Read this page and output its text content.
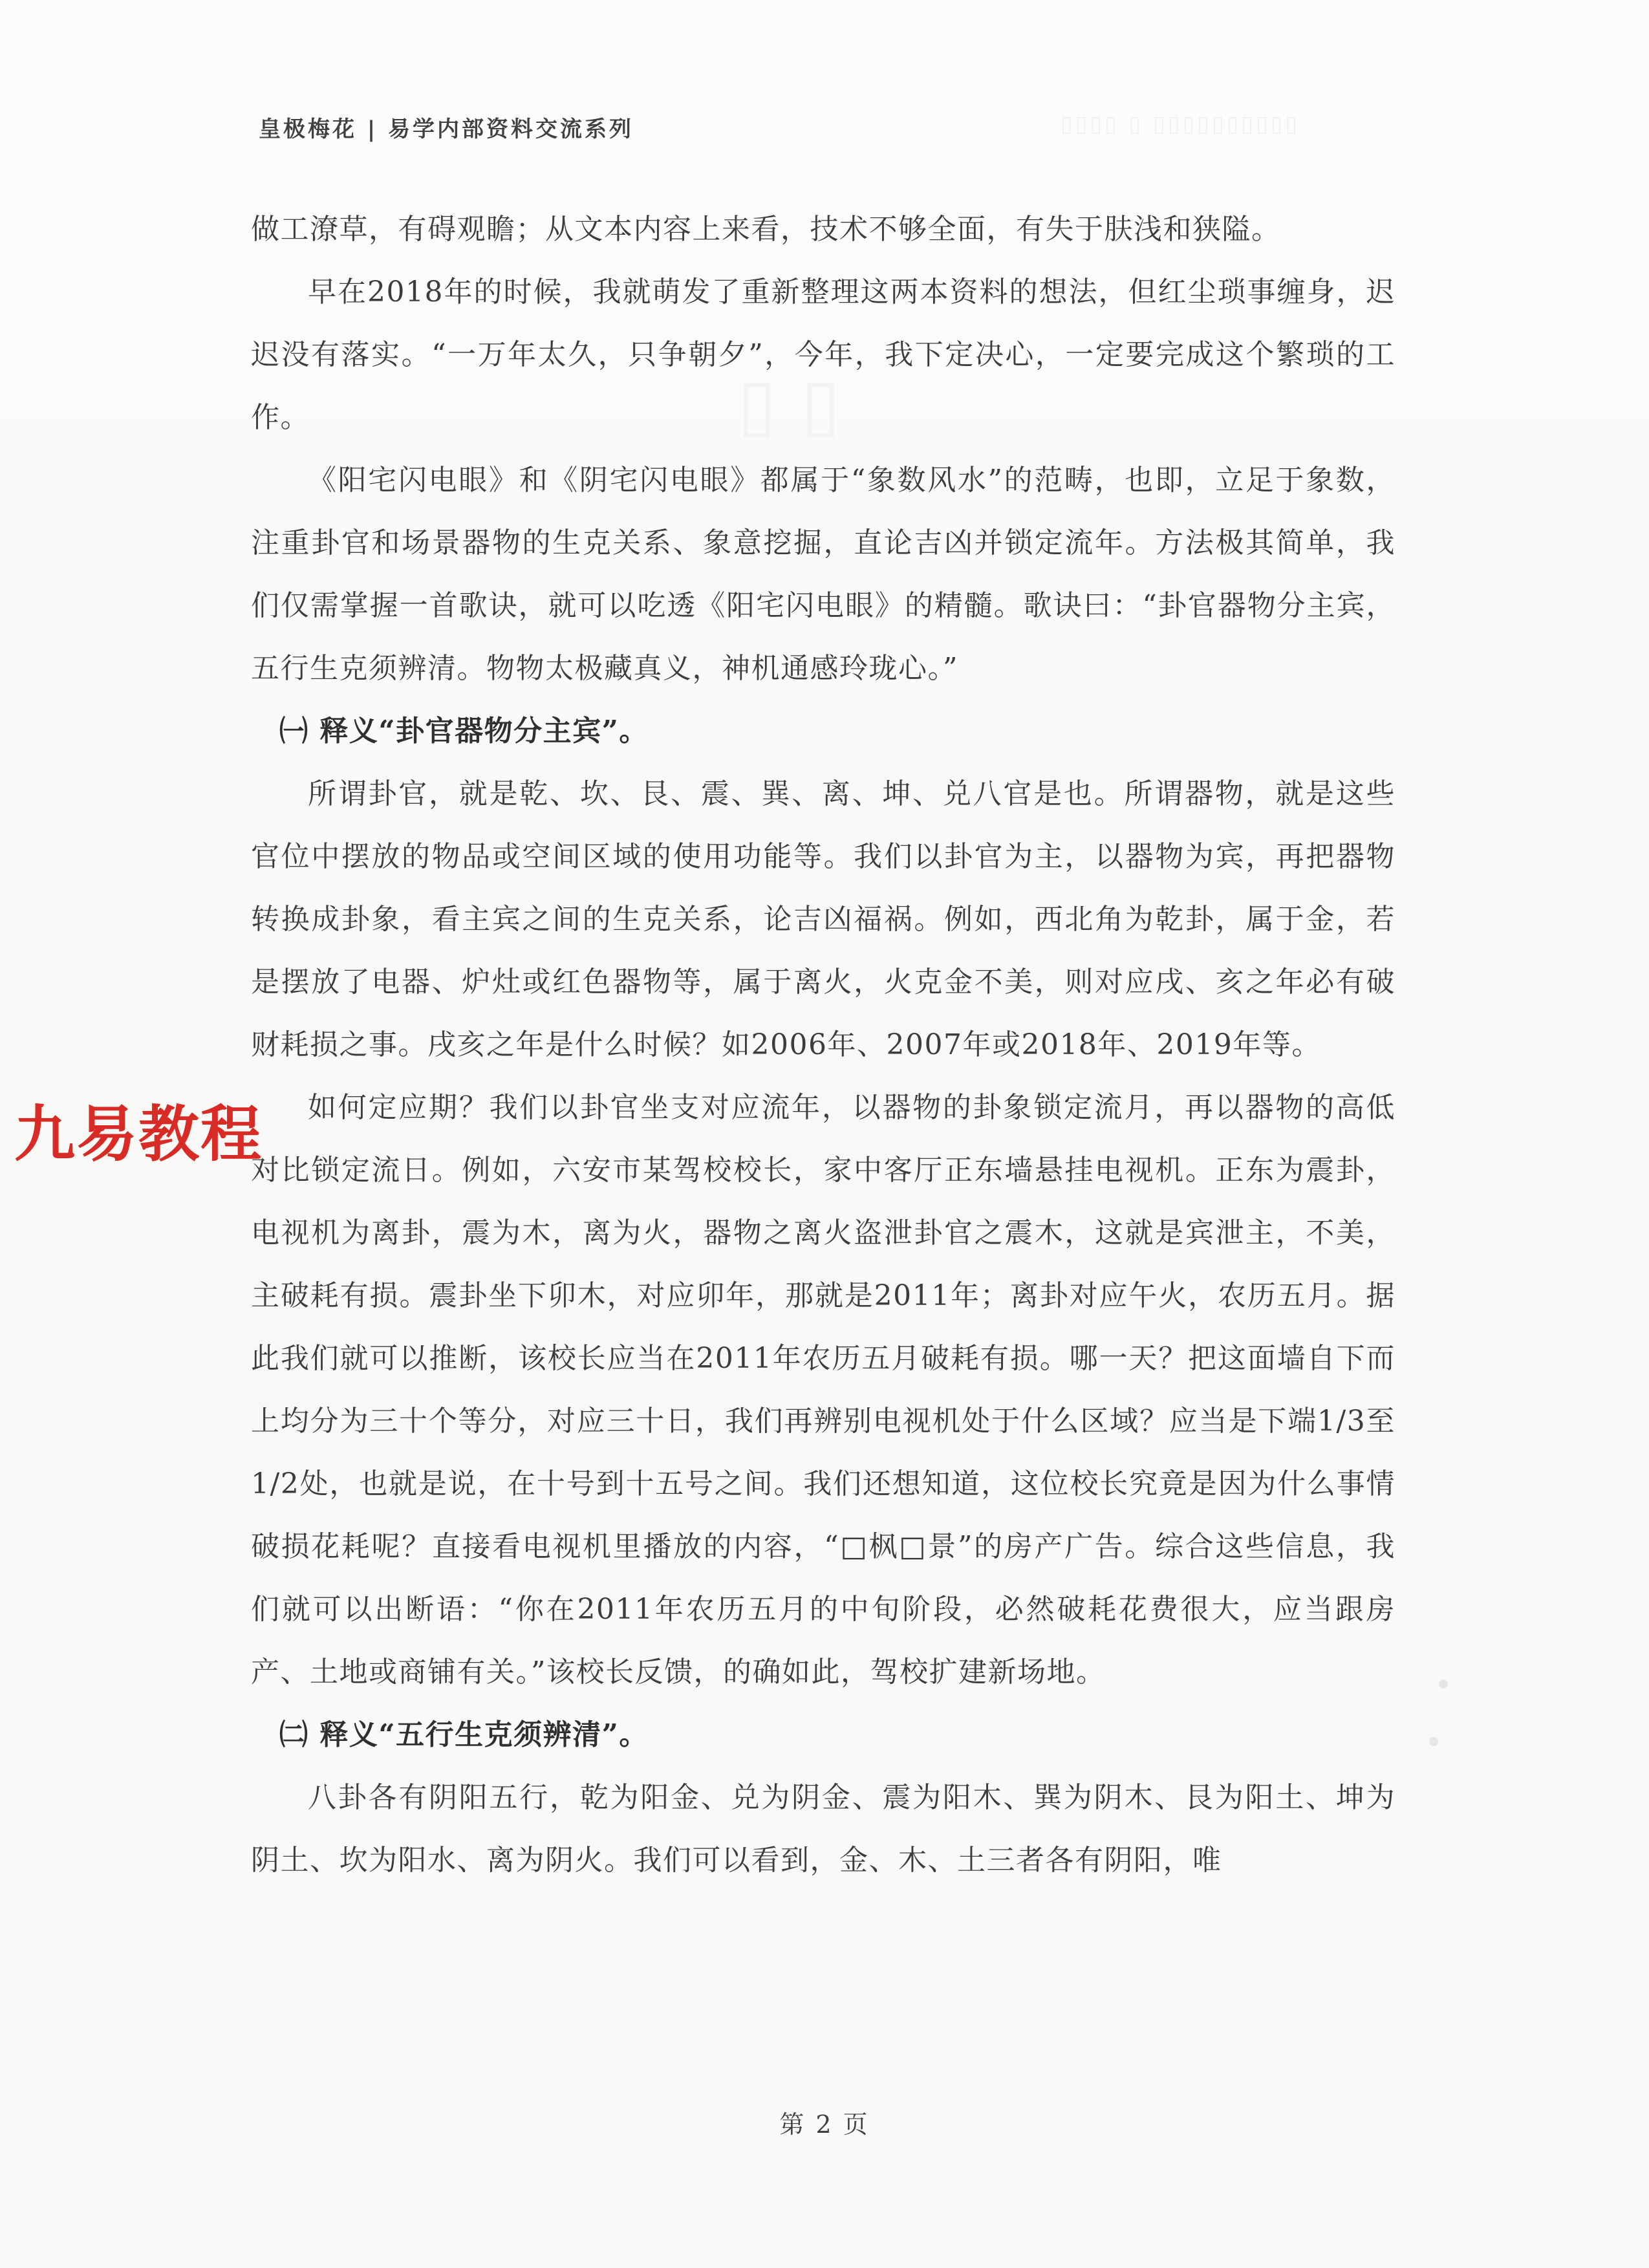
▯▯▯▯ ▯ ▯▯▯▯▯▯▯▯▯▯
▯ ▯
皇极梅花 | 易学内部资料交流系列

做工潦草，有碍观瞻；从文本内容上来看，技术不够全面，有失于肤浅和狭隘。

早在2018年的时候，我就萌发了重新整理这两本资料的想法，但红尘琐事缠身，迟迟没有落实。“一万年太久，只争朝夕”，今年，我下定决心，一定要完成这个繁琐的工作。

《阳宅闪电眼》和《阴宅闪电眼》都属于“象数风水”的范畴，也即，立足于象数，注重卦官和场景器物的生克关系、象意挖掘，直论吉凶并锁定流年。方法极其简单，我们仅需掌握一首歌诀，就可以吃透《阳宅闪电眼》的精髓。歌诀曰：“卦官器物分主宾，五行生克须辨清。物物太极藏真义，神机通感玲珑心。”

㈠ 释义“卦官器物分主宾”。

所谓卦官，就是乾、坎、艮、震、巽、离、坤、兑八官是也。所谓器物，就是这些官位中摆放的物品或空间区域的使用功能等。我们以卦官为主，以器物为宾，再把器物转换成卦象，看主宾之间的生克关系，论吉凶福祸。例如，西北角为乾卦，属于金，若是摆放了电器、炉灶或红色器物等，属于离火，火克金不美，则对应戌、亥之年必有破财耗损之事。戌亥之年是什么时候？如2006年、2007年或2018年、2019年等。

如何定应期？我们以卦官坐支对应流年，以器物的卦象锁定流月，再以器物的高低对比锁定流日。例如，六安市某驾校校长，家中客厅正东墙悬挂电视机。正东为震卦，电视机为离卦，震为木，离为火，器物之离火盗泄卦官之震木，这就是宾泄主，不美，主破耗有损。震卦坐下卯木，对应卯年，那就是2011年；离卦对应午火，农历五月。据此我们就可以推断，该校长应当在2011年农历五月破耗有损。哪一天？把这面墙自下而上均分为三十个等分，对应三十日，我们再辨别电视机处于什么区域？应当是下端1/3至1/2处，也就是说，在十号到十五号之间。我们还想知道，这位校长究竟是因为什么事情破损花耗呢？直接看电视机里播放的内容，“□枫□景”的房产广告。综合这些信息，我们就可以出断语：“你在2011年农历五月的中旬阶段，必然破耗花费很大，应当跟房产、土地或商铺有关。”该校长反馈，的确如此，驾校扩建新场地。

㈡ 释义“五行生克须辨清”。

八卦各有阴阳五行，乾为阳金、兑为阴金、震为阳木、巽为阴木、艮为阳土、坤为阴土、坎为阳水、离为阴火。我们可以看到，金、木、土三者各有阴阳，唯

九易教程
第 2 页
